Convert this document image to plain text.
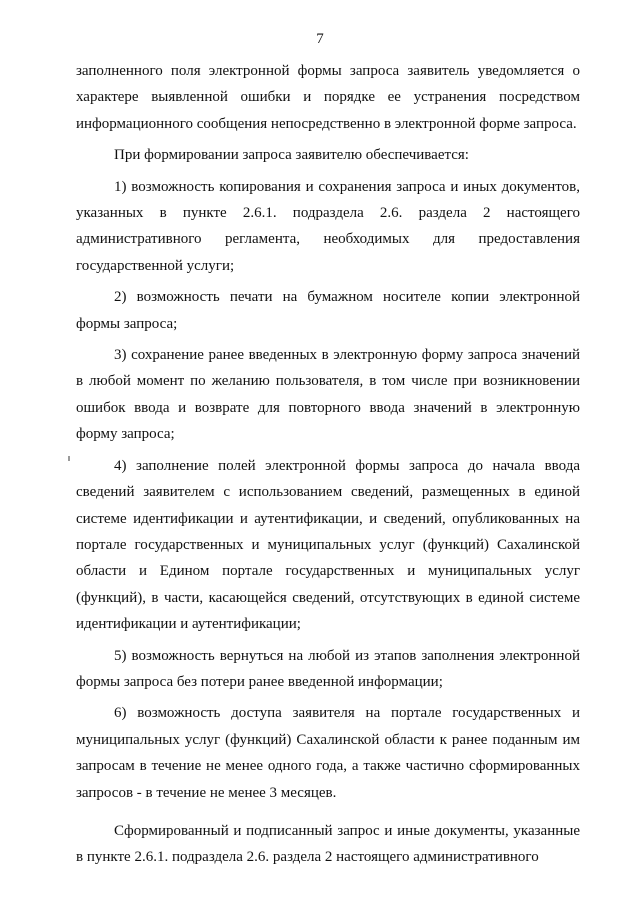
7

заполненного поля электронной формы запроса заявитель уведомляется о характере выявленной ошибки и порядке ее устранения посредством информационного сообщения непосредственно в электронной форме запроса.

При формировании запроса заявителю обеспечивается:

1) возможность копирования и сохранения запроса и иных документов, указанных в пункте 2.6.1. подраздела 2.6. раздела 2 настоящего административного регламента, необходимых для предоставления государственной услуги;

2) возможность печати на бумажном носителе копии электронной формы запроса;

3) сохранение ранее введенных в электронную форму запроса значений в любой момент по желанию пользователя, в том числе при возникновении ошибок ввода и возврате для повторного ввода значений в электронную форму запроса;

4) заполнение полей электронной формы запроса до начала ввода сведений заявителем с использованием сведений, размещенных в единой системе идентификации и аутентификации, и сведений, опубликованных на портале государственных и муниципальных услуг (функций) Сахалинской области и Едином портале государственных и муниципальных услуг (функций), в части, касающейся сведений, отсутствующих в единой системе идентификации и аутентификации;

5) возможность вернуться на любой из этапов заполнения электронной формы запроса без потери ранее введенной информации;

6) возможность доступа заявителя на портале государственных и муниципальных услуг (функций) Сахалинской области к ранее поданным им запросам в течение не менее одного года, а также частично сформированных запросов - в течение не менее 3 месяцев.

Сформированный и подписанный запрос и иные документы, указанные в пункте 2.6.1. подраздела 2.6. раздела 2 настоящего административного
